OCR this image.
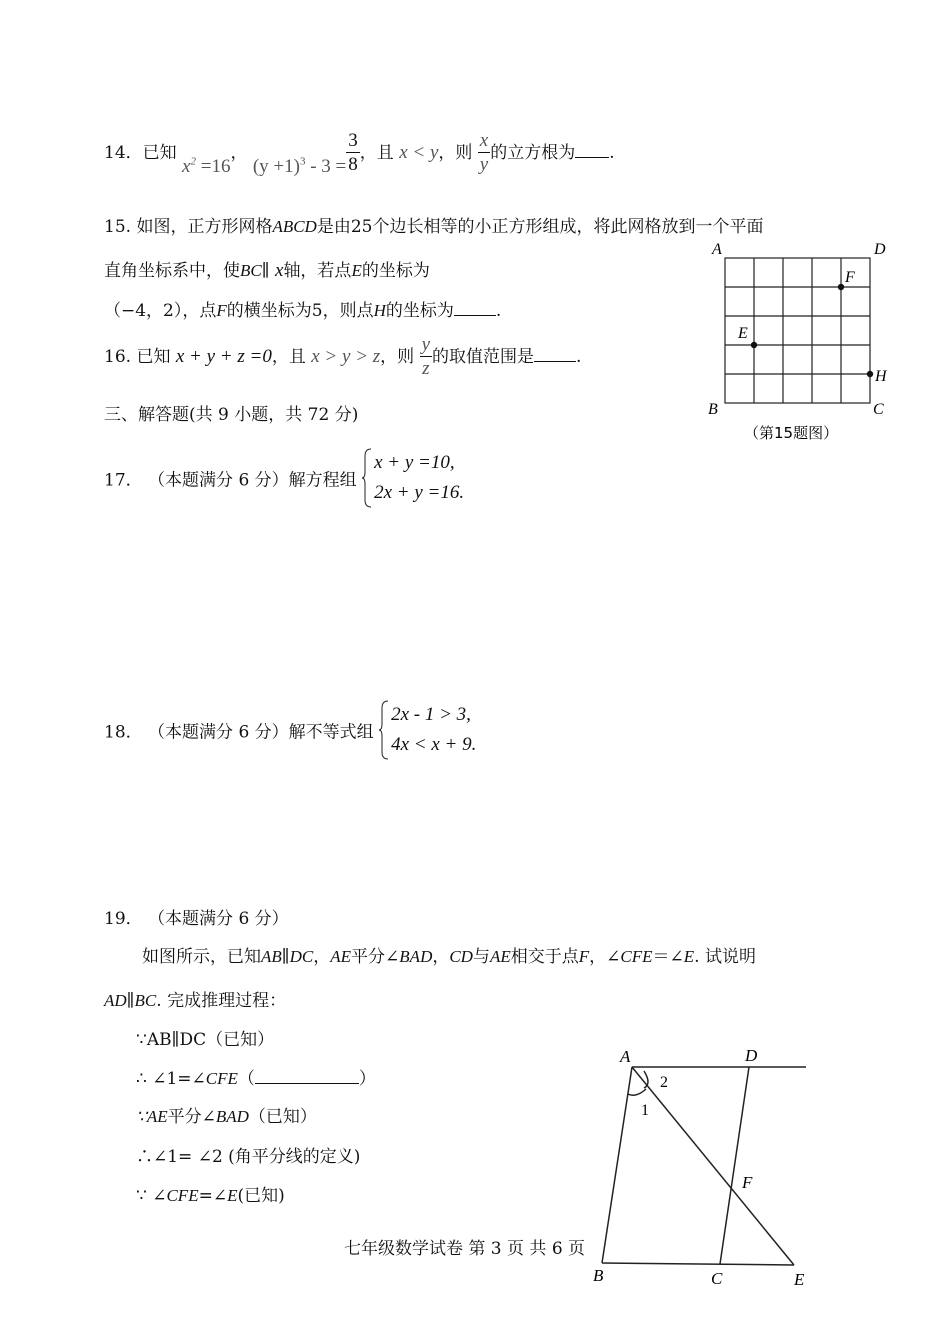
14．已知 $x^2 =16$， $(y +1)^3 - 3 = \frac{3}{8}$ ，且 x < y，则 $\frac{x}{y}$ 的立方根为 .
15. 如图，正方形网格ABCD是由25个边长相等的小正方形组成，将此网格放到一个平面
直角坐标系中，使BC∥ x轴，若点E的坐标为
（−4，2），点F的横坐标为5，则点H的坐标为 .
16. 已知 x + y + z =0，且 x > y > z，则 $\frac{y}{z}$ 的取值范围是 .
三、解答题(共 9 小题，共 72 分)
A	D
F
E
H
B	C
（第15题图）
17． （本题满分 6 分）解方程组
x + y =10,
2x + y =16.
18． （本题满分 6 分）解不等式组
2x - 1 > 3,
4x < x + 9.
19． （本题满分 6 分）
如图所示，已知AB∥DC，AE平分∠BAD，CD与AE相交于点F，∠CFE＝∠E. 试说明
AD∥BC. 完成推理过程：
∵AB∥DC（已知）
∴ ∠1=∠CFE（	）
∵AE平分∠BAD（已知）
∴∠1= ∠2 (角平分线的定义)
∵ ∠CFE=∠E(已知)
七年级数学试卷 第 3 页 共 6 页
A	D
2
1
F
B	C	E
